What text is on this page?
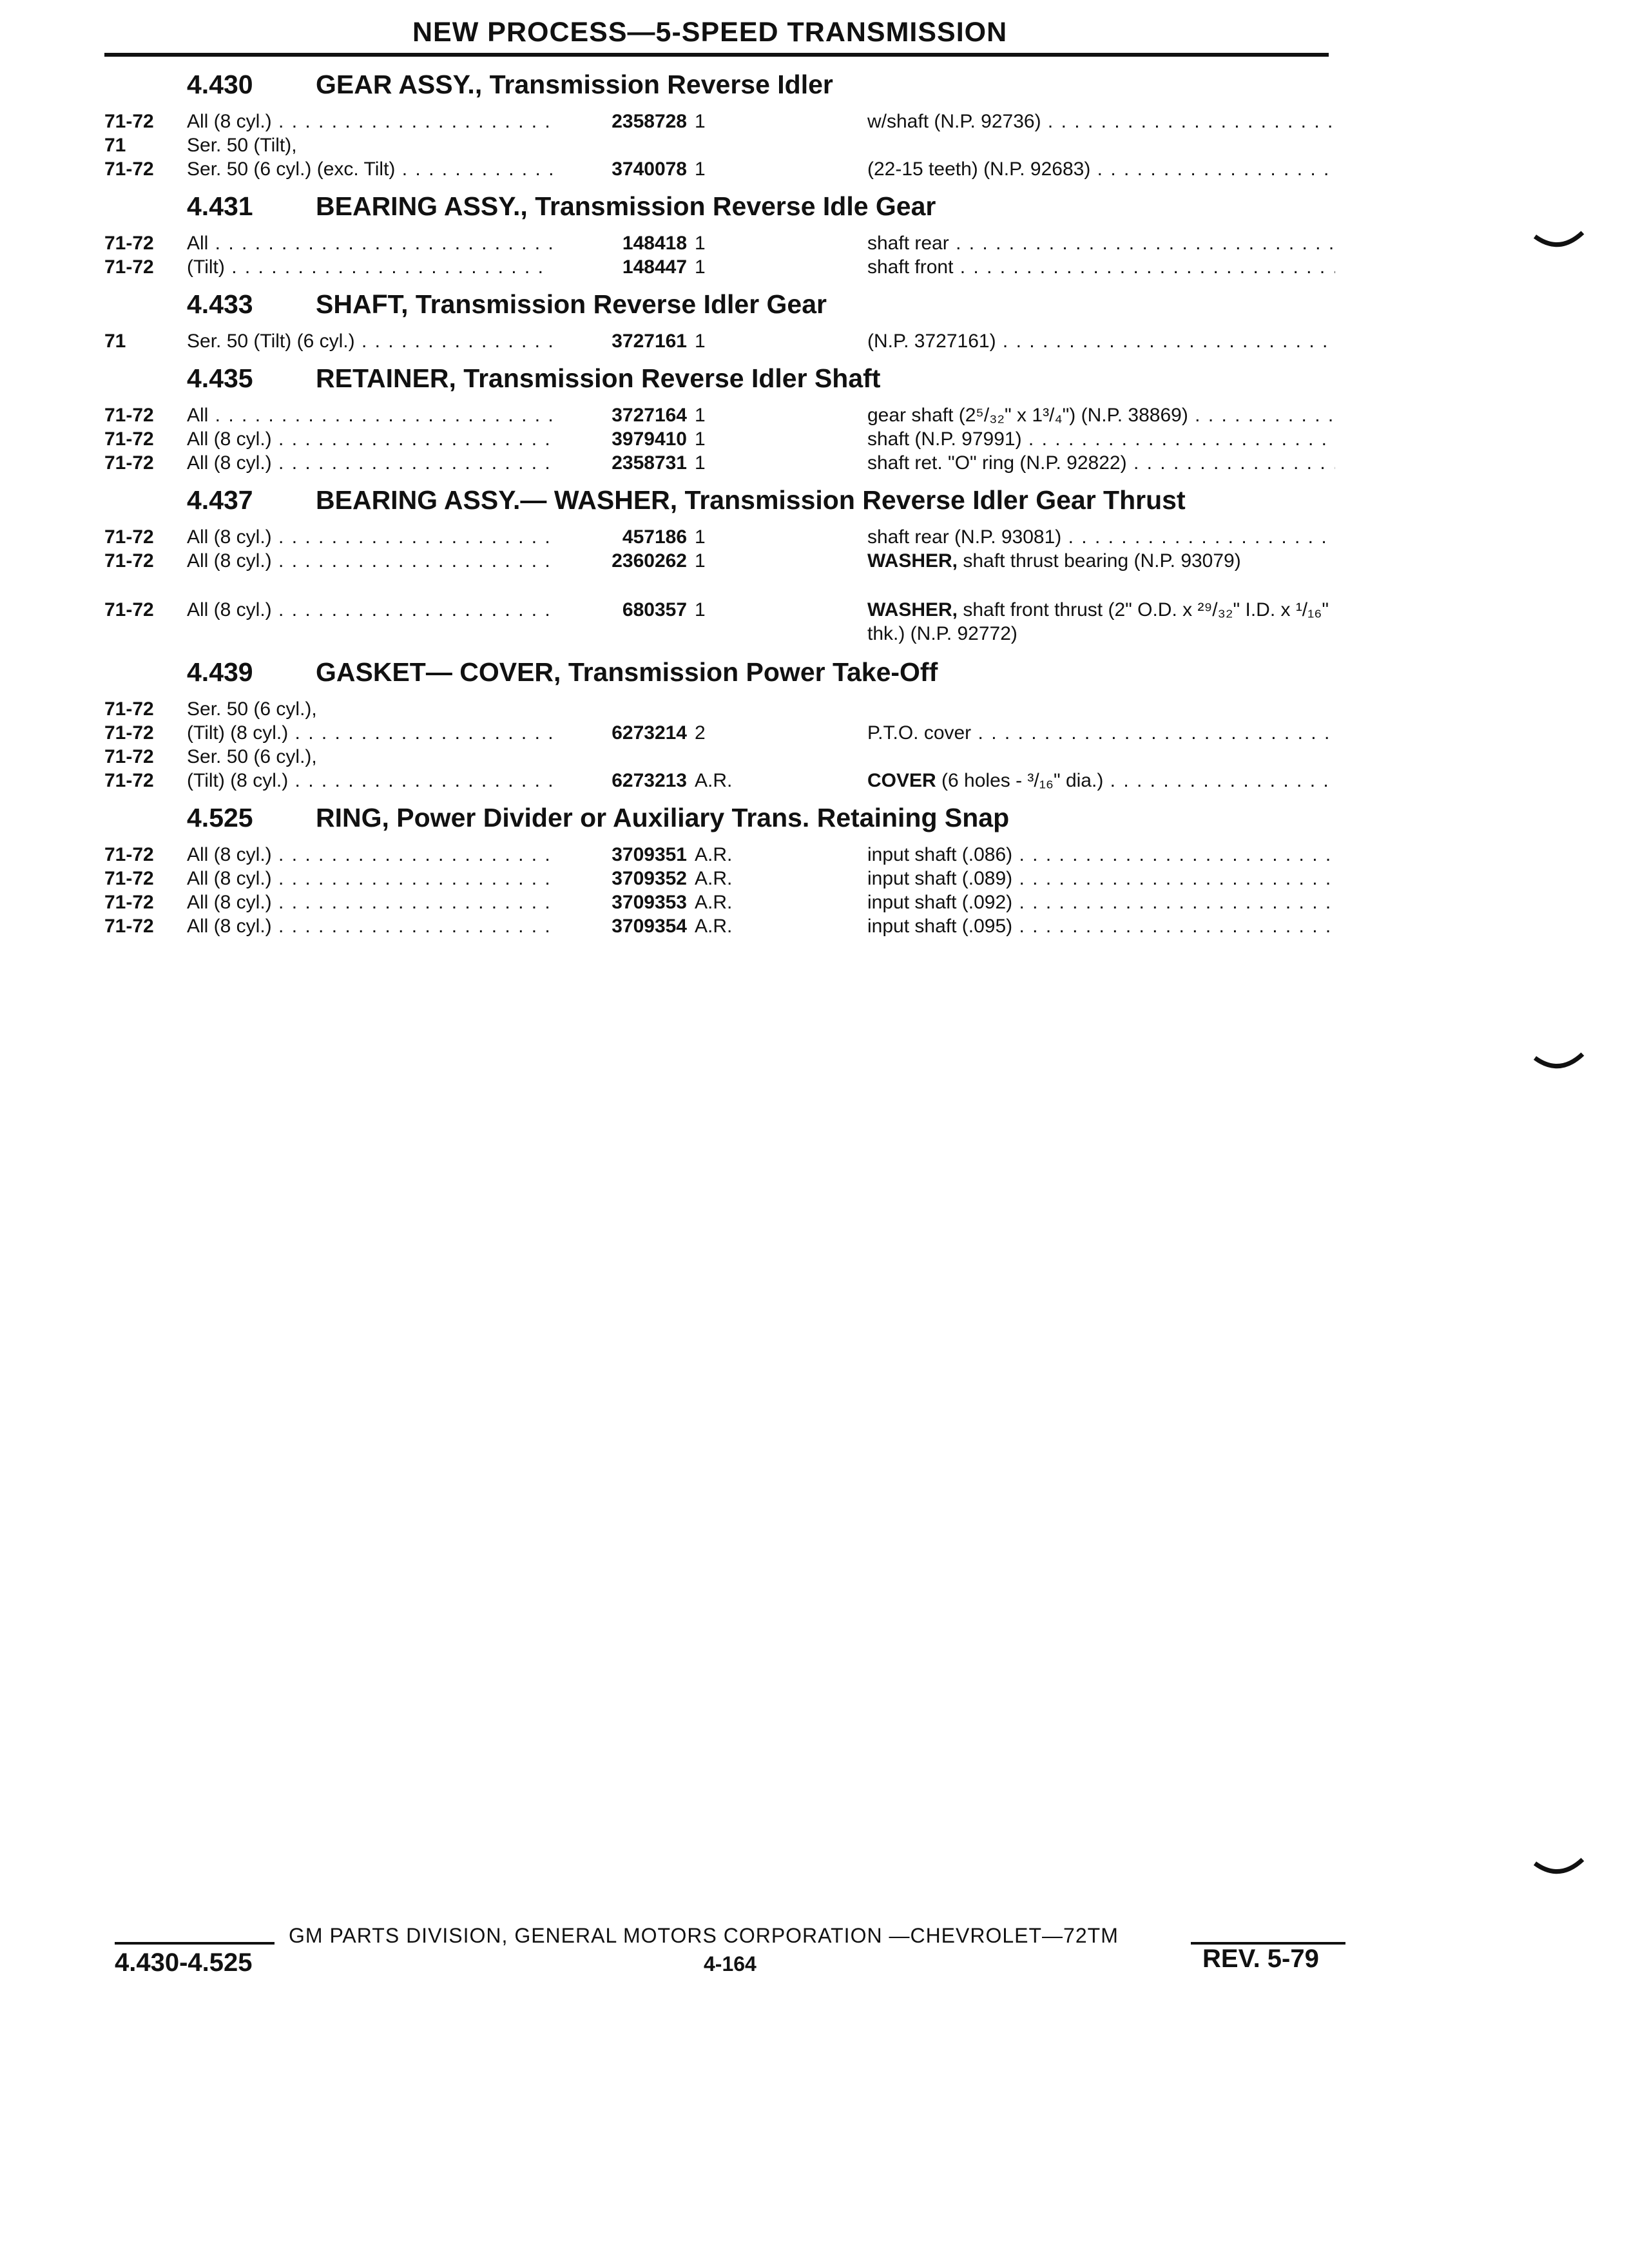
NEW PROCESS—5-SPEED TRANSMISSION
4.430	GEAR ASSY., Transmission Reverse Idler
71-72	All (8 cyl.) . . .	2358728 1	w/shaft (N.P. 92736) . . .
71	Ser. 50 (Tilt),
71-72	Ser. 50 (6 cyl.) (exc. Tilt) . . .	3740078 1	(22-15 teeth) (N.P. 92683) . . .
4.431	BEARING ASSY., Transmission Reverse Idle Gear
71-72	All . . .	148418 1	shaft rear . . .
71-72	(Tilt) . . .	148447 1	shaft front . . .
4.433	SHAFT, Transmission Reverse Idler Gear
71	Ser. 50 (Tilt) (6 cyl.) . . .	3727161 1	(N.P. 3727161) . . .
4.435	RETAINER, Transmission Reverse Idler Shaft
71-72	All . . .	3727164 1	gear shaft (2⁵/₃₂" x 1³/₄") (N.P. 38869) . . .
71-72	All (8 cyl.) . . .	3979410 1	shaft (N.P. 97991) . . .
71-72	All (8 cyl.) . . .	2358731 1	shaft ret. "O" ring (N.P. 92822) . . .
4.437	BEARING ASSY.— WASHER, Transmission Reverse Idler Gear Thrust
71-72	All (8 cyl.) . . .	457186 1	shaft rear (N.P. 93081) . . .
71-72	All (8 cyl.) . . .	2360262 1	WASHER, shaft thrust bearing (N.P. 93079)
71-72	All (8 cyl.) . . .	680357 1	WASHER, shaft front thrust (2" O.D. x ²⁹/₃₂" I.D. x ¹/₁₆" thk.) (N.P. 92772)
4.439	GASKET— COVER, Transmission Power Take-Off
71-72	Ser. 50 (6 cyl.),
71-72	(Tilt) (8 cyl.) . . .	6273214 2	P.T.O. cover . . .
71-72	Ser. 50 (6 cyl.),
71-72	(Tilt) (8 cyl.) . . .	6273213 A.R.	COVER (6 holes - ³/₁₆" dia.) . . .
4.525	RING, Power Divider or Auxiliary Trans. Retaining Snap
71-72	All (8 cyl.) . . .	3709351 A.R.	input shaft (.086) . . .
71-72	All (8 cyl.) . . .	3709352 A.R.	input shaft (.089) . . .
71-72	All (8 cyl.) . . .	3709353 A.R.	input shaft (.092) . . .
71-72	All (8 cyl.) . . .	3709354 A.R.	input shaft (.095) . . .
GM PARTS DIVISION, GENERAL MOTORS CORPORATION —CHEVROLET—72TM
4.430-4.525	4-164	REV. 5-79
